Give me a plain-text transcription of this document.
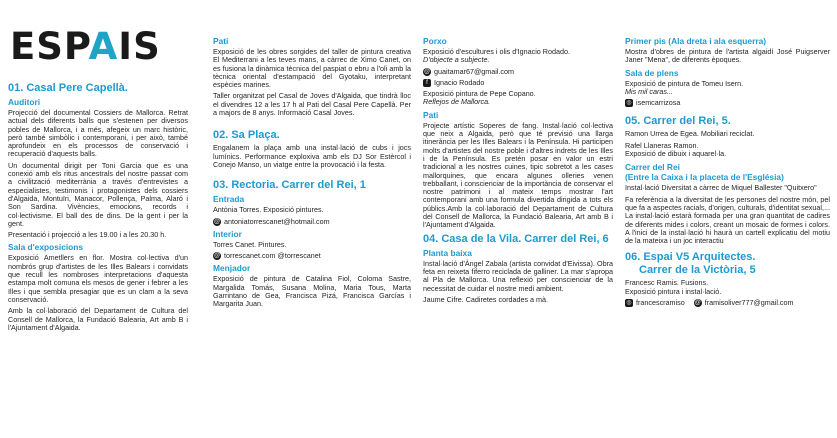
ESPAIS
01. Casal Pere Capellà.
Auditori

Projecció del documental Cossiers de Mallorca. Retrat actual dels diferents balls que s'estenen per diversos pobles de Mallorca, i a més, afegeix un marc històric, però també simbòlic i contemporani, i per això, també aprofundeix en els processos de conservació i recuperació d'aquests balls.

Un documental dirigit per Toni Garcia que es una conexió amb els ritus ancestrals del nostre passat com a civilització mediterrània a través d'entrevistes a especialistes, testimonis i protagonistes dels cossiers d'Algaida, Montuïri, Manacor, Pollença, Palma, Alaró i Son Sardina. Vivències, emocions, records i col·lectivisme. El ball des de dins. De la gent i per la gent.

Presentació i projecció a les 19.00 i a les 20.30 h.

Sala d'exposicions

Exposició Ametllers en flor. Mostra col·lectiva d'un nombrós grup d'artistes de les Illes Balears i convidats que recull les nombroses interpretacions d'aquesta estampa molt comuna els mesos de gener i febrer a les Illes i que sembla presagiar que es un clam a la seva conservació.

Amb la col·laboració del Departament de Cultura del Consell de Mallorca, la Fundació Balearia, Art amb B i l'Ajuntament d'Algaida.

Pati

Exposició de les obres sorgides del taller de pintura creativa El Mediterrani a les teves mans, a càrrec de Ximo Canet, on es fusiona la dinàmica tècnica del paspiat o ebru a l'oli amb la tècnica oriental d'estampació del Gyotaku, interpretant espècies marines.

Taller organitzat pel Casal de Joves d'Algaida, que tindrà lloc el divendres 12 a les 17 h al Pati del Casal Pere Capellà. Per a majors de 8 anys. Informació Casal Joves.

02. Sa Plaça.

Engalanem la plaça amb una instal·lació de cubs i jocs lumínics. Performance exploxiva amb els DJ Sor Estèrcol i Conejo Manso, un viatge entre la provocació i la festa.

03. Rectoria. Carrer del Rei, 1
Entrada

Antònia Torres. Exposició pintures.

@ antoniatorrescanet@hotmail.com
Interior

Torres Canet. Pintures.

@ torrescanet.com @torrescanet
Menjador

Exposició de pintura de Catalina Fiol, Coloma Sastre, Margalida Tomás, Susana Molina, Maria Tous, Marta Garrintano de Gea, Francisca Pizá, Francisca Garcías i Margarita Juan.

Porxo

Exposició d'escultures i olis d'Ignacio Rodado.

D'objecte a subjecte.

@ guaitamar67@gmail.com
f Ignacio Rodado

Exposició pintura de Pepe Copano.

Reflejos de Mallorca.

Pati

Projecte artístic Soperes de fang. Instal·lació col·lectiva que neix a Algaida, però que té previsió una llarga itinerància per les Illes Balears i la Península. Hi participen molts d'artistes del nostre poble i d'altres indrets de les Illes i de la Península. Es pretén posar en valor un estri tradicional a les nostres cuines, tipic sobretot a les cases mallorquines, que encara algunes olleries venen trebballant, i conscienciar de la importància de conservar el nostre patrimoni i al mateix temps mostrar l'art contemporani amb una formula divertida dirigida a tots els públics.Amb la col·laboració del Departament de Cultura del Consell de Mallorca, la Fundació Balearia, Art amb B i l'Ajuntament d'Algaida.

04. Casa de la Vila. Carrer del Rei, 6
Planta baixa

Instal·lació d'Àngel Zabala (artista convidat d'Eivissa). Obra feta en reixeta fiferro reciclada de galliner. La mar s'apropa al Pla de Mallorca. Una reflexió per conscienciar de la necessitat de cuidar el nostre medi ambient.

Jaume Cifre. Cadiretes cordades a mà.

Primer pis (Ala dreta i ala esquerra)

Mostra d'obres de pintura de l'artista algaidí José Puigserver Janer "Mena", de diferents èpoques.

Sala de plens

Exposició de pintura de Tomeu Isern.

Mis mil caras...

◎ isemcarrizosa
05. Carrer del Rei, 5.

Ramon Urrea de Egea. Mobiliari reciclat.

Rafel Llaneras Ramon.

Exposició de dibuix i aquarel·la.

Carrer del Rei
(Entre la Caixa i la placeta de l'Església)

Instal·lació Diversitat a càrrec de Miquel Ballester "Quitxero"

Fa referència a la diversitat de les persones del nostre món, pel que fa a aspectes racials, d'origen, culturals, d'identitat sexual,... La instal·lació estarà formada per una gran quantitat de cadires de diferents mides i colors, creant un mosaic de formes i colors. A l'inici de la instal·lació hi haurà un cartell explicatiu del motiu de la mateixa i un joc interactiu

06. Espai V5 Arquitectes.
Carrer de la Victòria, 5

Francesc Ramis. Fusions.

Exposició pintura i instal·lació.

◎ francescramiso @ framisoliver777@gmail.com
